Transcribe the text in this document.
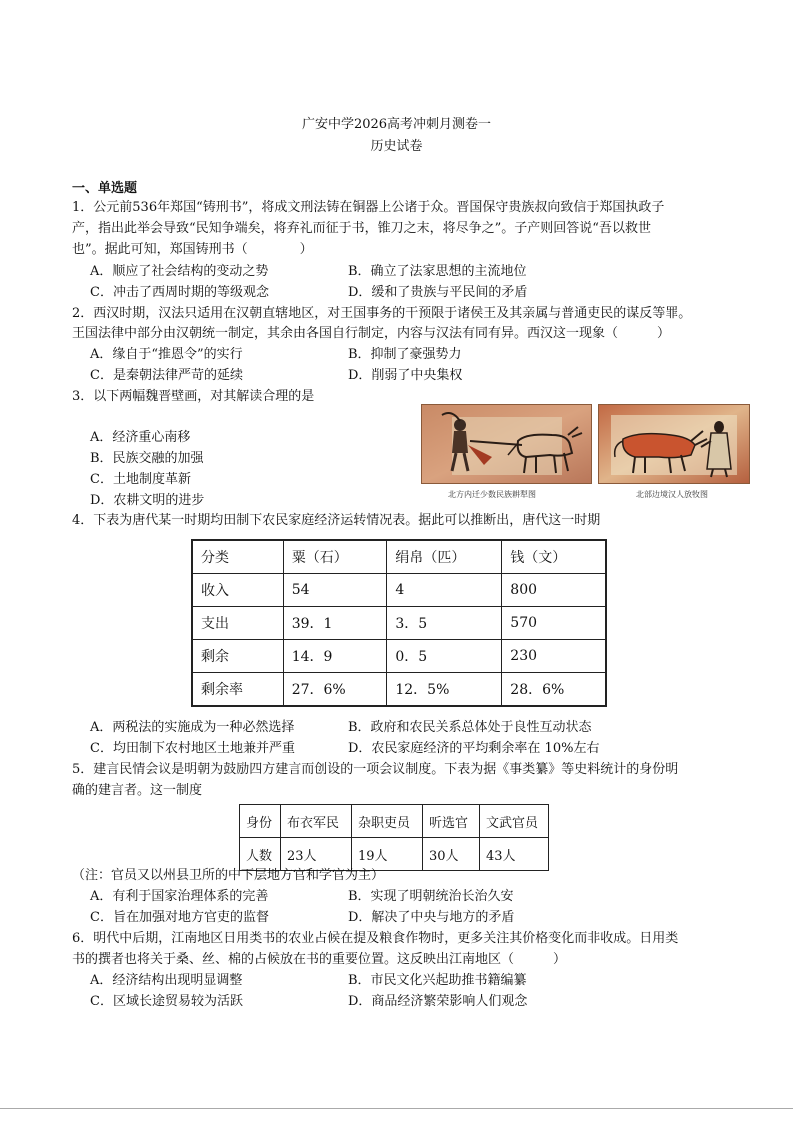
广安中学2026高考冲刺月测卷一
历史试卷
一、单选题
1．公元前536年郑国“铸刑书”，将成文刑法铸在铜器上公诸于众。晋国保守贵族叔向致信于郑国执政子
产，指出此举会导致“民知争端矣，将弃礼而征于书，锥刀之末，将尽争之”。子产则回答说“吾以救世
也”。据此可知，郑国铸刑书（　　　　）
A．顺应了社会结构的变动之势	B．确立了法家思想的主流地位
C．冲击了西周时期的等级观念	D．缓和了贵族与平民间的矛盾
2．西汉时期，汉法只适用在汉朝直辖地区，对王国事务的干预限于诸侯王及其亲属与普通吏民的谋反等罪。
王国法律中部分由汉朝统一制定，其余由各国自行制定，内容与汉法有同有异。西汉这一现象（　　　）
A．缘自于“推恩令”的实行	B．抑制了豪强势力
C．是秦朝法律严苛的延续	D．削弱了中央集权
3．以下两幅魏晋壁画，对其解读合理的是
A．经济重心南移
B．民族交融的加强
C．土地制度革新
D．农耕文明的进步	北方内迁少数民族耕犁图	北部边境汉人放牧图
4．下表为唐代某一时期均田制下农民家庭经济运转情况表。据此可以推断出，唐代这一时期
分类	粟（石）	绢帛（匹）	钱（文）
收入	54	4	800
支出	39．1	3．5	570
剩余	14．9	0．5	230
剩余率	27．6%	12．5%	28．6%
A．两税法的实施成为一种必然选择	B．政府和农民关系总体处于良性互动状态
C．均田制下农村地区土地兼并严重	D．农民家庭经济的平均剩余率在 10%左右
5．建言民情会议是明朝为鼓励四方建言而创设的一项会议制度。下表为据《事类纂》等史料统计的身份明
确的建言者。这一制度
身份	布衣军民	杂职吏员	听选官	文武官员
人数	23人	19人	30人	43人
（注：官员又以州县卫所的中下层地方官和学官为主）
A．有利于国家治理体系的完善	B．实现了明朝统治长治久安
C．旨在加强对地方官吏的监督	D．解决了中央与地方的矛盾
6．明代中后期，江南地区日用类书的农业占候在提及粮食作物时，更多关注其价格变化而非收成。日用类
书的撰者也将关于桑、丝、棉的占候放在书的重要位置。这反映出江南地区（　　　）
A．经济结构出现明显调整	B．市民文化兴起助推书籍编纂
C．区域长途贸易较为活跃	D．商品经济繁荣影响人们观念
